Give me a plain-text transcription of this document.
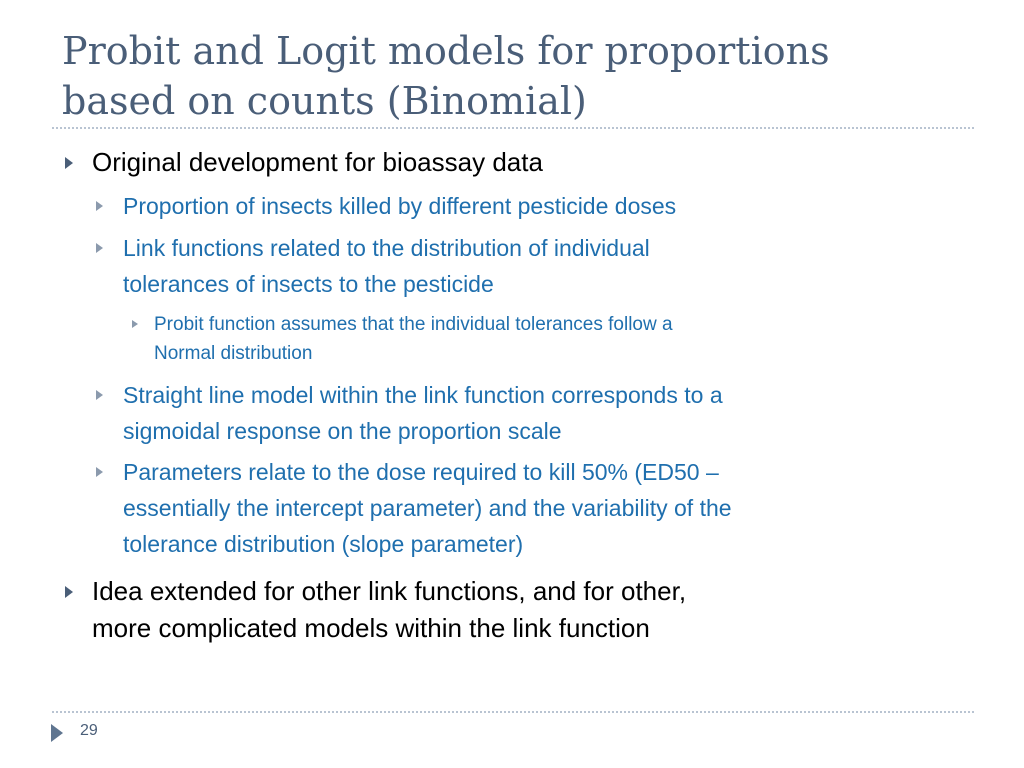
Probit and Logit models for proportions
based on counts (Binomial)
Original development for bioassay data
Proportion of insects killed by different pesticide doses
Link functions related to the distribution of individual
tolerances of insects to the pesticide
Probit function assumes that the individual tolerances follow a
Normal distribution
Straight line model within the link function corresponds to a
sigmoidal response on the proportion scale
Parameters relate to the dose required to kill 50% (ED50 –
essentially the intercept parameter) and the variability of the
tolerance distribution (slope parameter)
Idea extended for other link functions, and for other,
more complicated models within the link function
29
